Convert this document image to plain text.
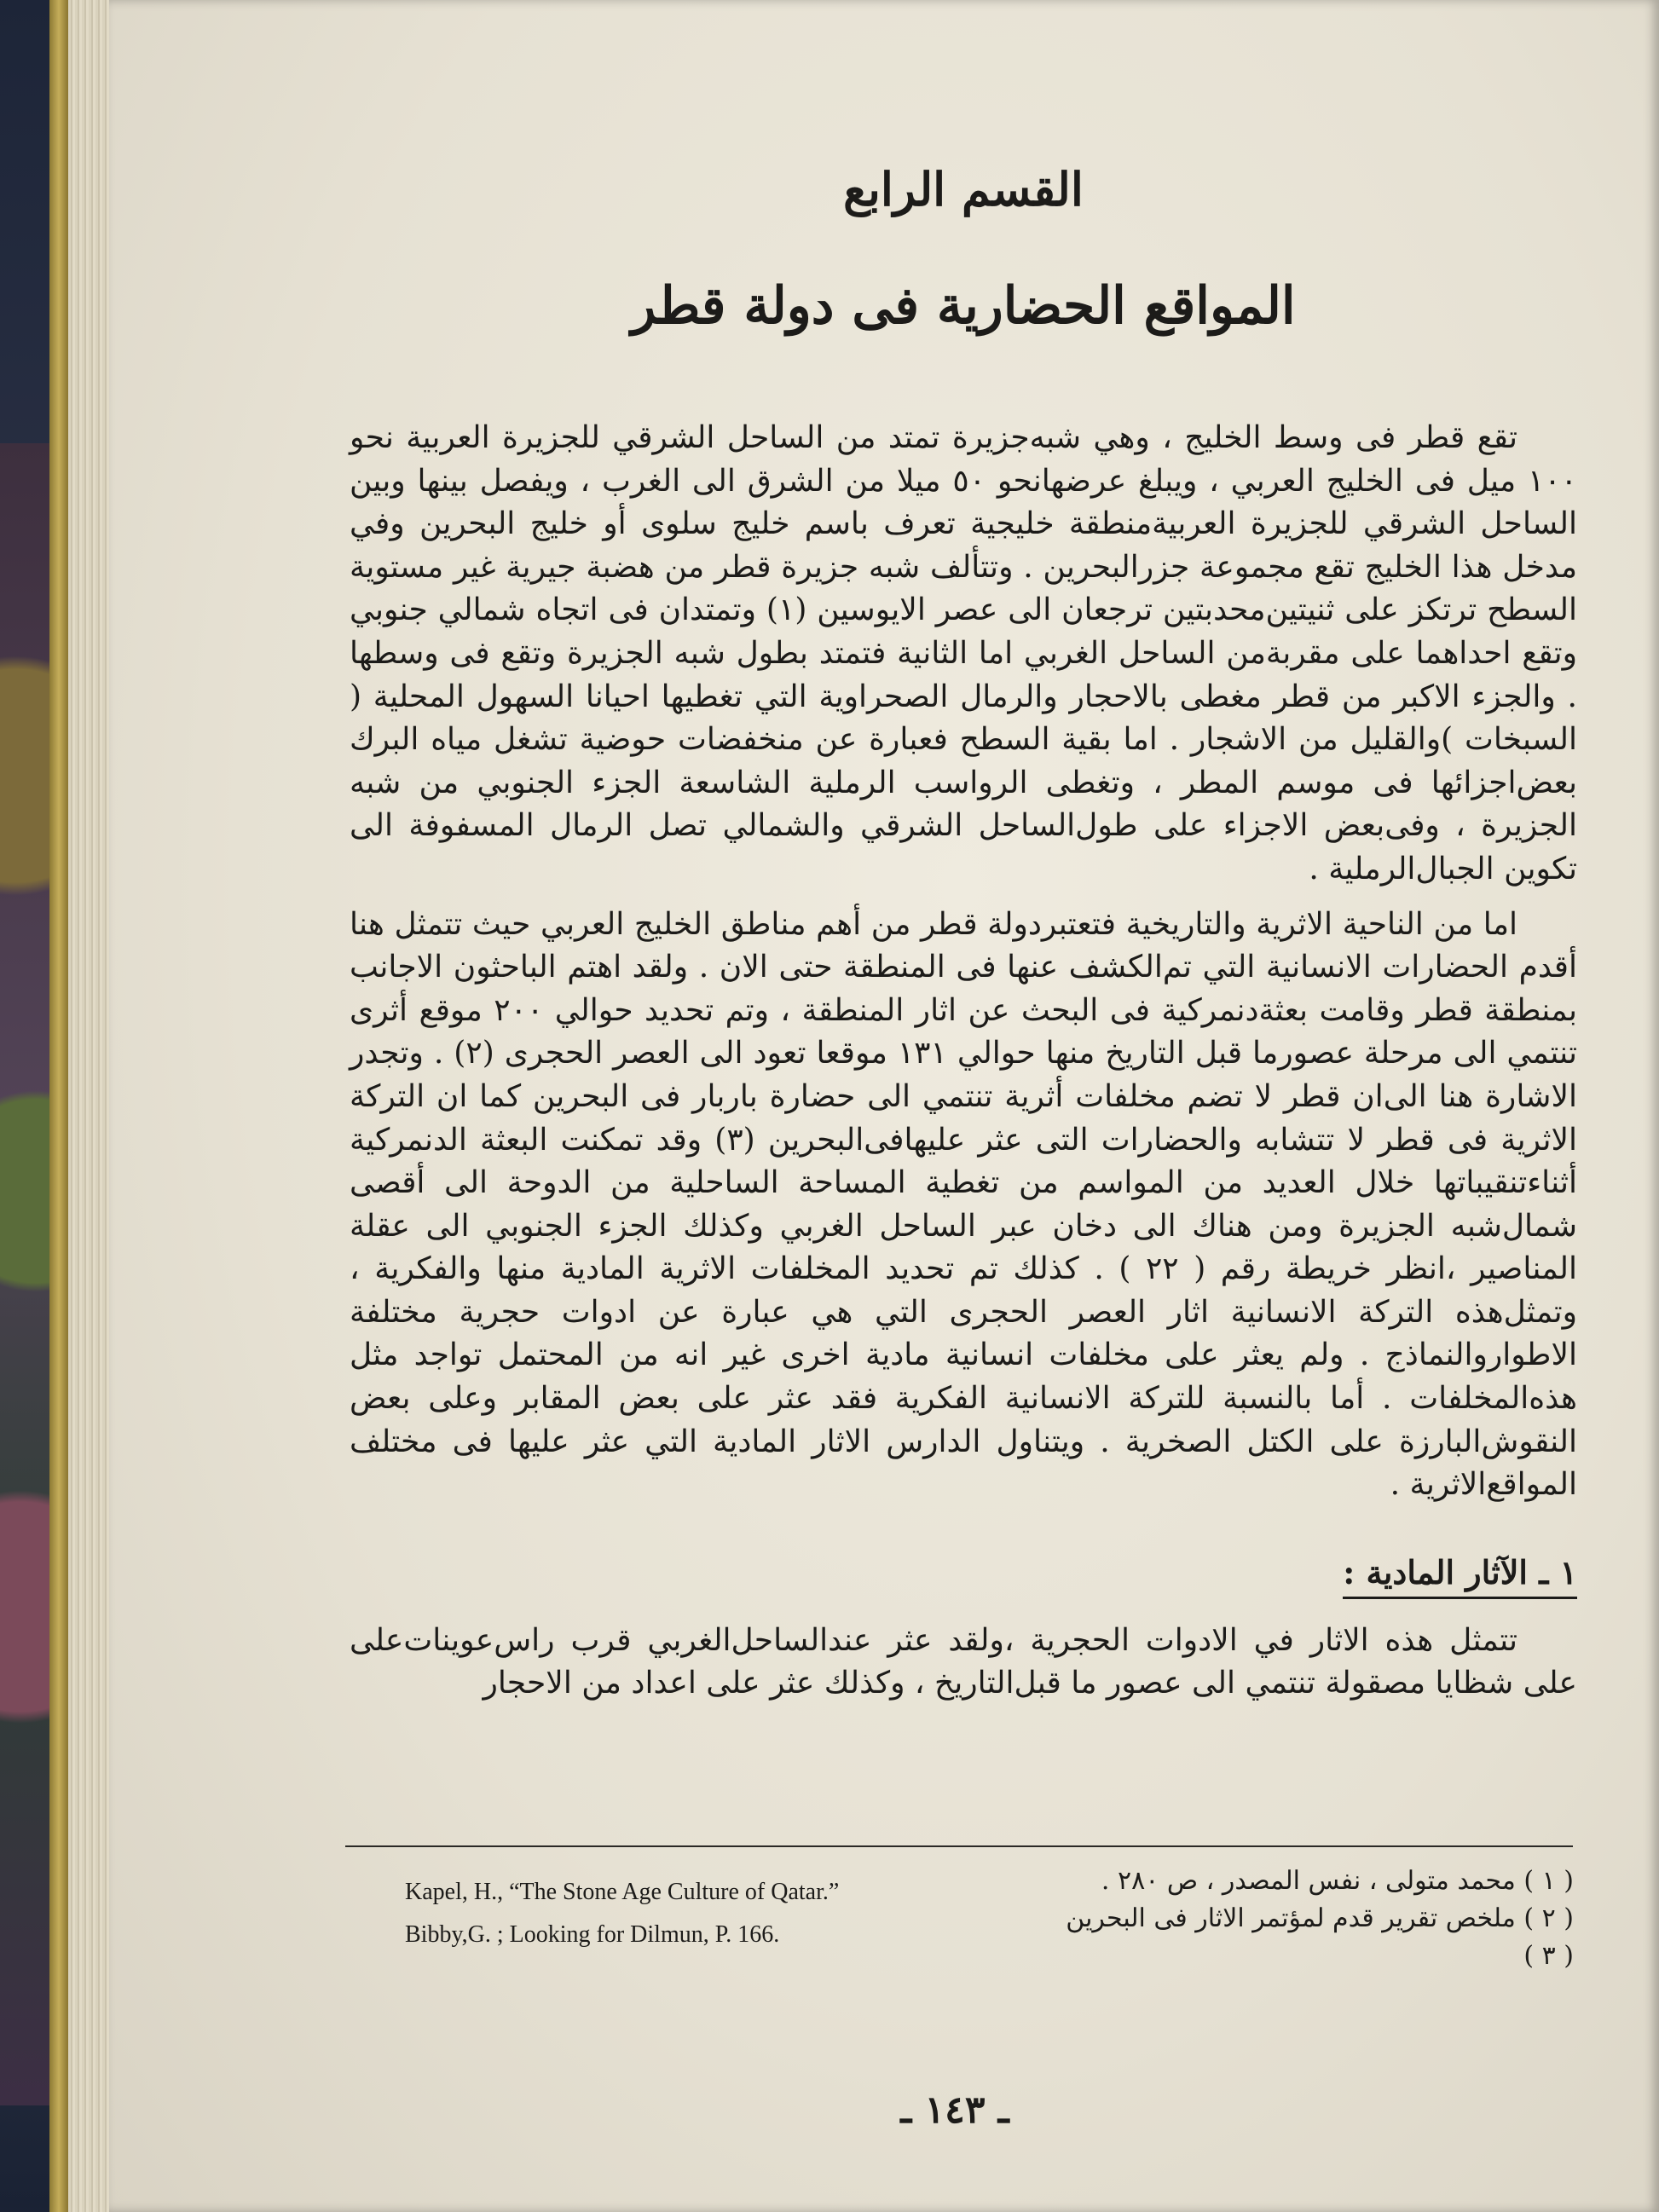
القسم الرابع
المواقع الحضارية فى دولة قطر

تقع قطر فى وسط الخليج ، وهي شبه‌جزيرة تمتد من الساحل الشرقي للجزيرة العربية نحو ١٠٠ ميل فى الخليج العربي ، ويبلغ عرضهانحو ٥٠ ميلا من الشرق الى الغرب ، ويفصل بينها وبين الساحل الشرقي للجزيرة العربيةمنطقة خليجية تعرف باسم خليج سلوى أو خليج البحرين وفي مدخل هذا الخليج تقع مجموعة جزرالبحرين . وتتألف شبه جزيرة قطر من هضبة جيرية غير مستوية السطح ترتكز على ثنيتين‌محدبتين ترجعان الى عصر الايوسين (١) وتمتدان فى اتجاه شمالي جنوبي وتقع احداهما على مقربةمن الساحل الغربي اما الثانية فتمتد بطول شبه الجزيرة وتقع فى وسطها . والجزء الاكبر من قطر مغطى بالاحجار والرمال الصحراوية التي تغطيها احيانا السهول المحلية ( السبخات )والقليل من الاشجار . اما بقية السطح فعبارة عن منخفضات حوضية تشغل مياه البرك بعض‌اجزائها فى موسم المطر ، وتغطى الرواسب الرملية الشاسعة الجزء الجنوبي من شبه الجزيرة ، وفى‌بعض الاجزاء على طول‌الساحل الشرقي والشمالي تصل الرمال المسفوفة الى تكوين الجبال‌الرملية .

اما من الناحية الاثرية والتاريخية فتعتبردولة قطر من أهم مناطق الخليج العربي حيث تتمثل هنا أقدم الحضارات الانسانية التي تم‌الكشف عنها فى المنطقة حتى الان . ولقد اهتم الباحثون الاجانب بمنطقة قطر وقامت بعثةدنمركية فى البحث عن اثار المنطقة ، وتم تحديد حوالي ٢٠٠ موقع أثرى تنتمي الى مرحلة عصورما قبل التاريخ منها حوالي ١٣١ موقعا تعود الى العصر الحجرى (٢) . وتجدر الاشارة هنا الى‌ان قطر لا تضم مخلفات أثرية تنتمي الى حضارة باربار فى البحرين كما ان التركة الاثرية فى قطر لا تتشابه والحضارات التى عثر عليهافى‌البحرين (٣) وقد تمكنت البعثة الدنمركية أثناءتنقيباتها خلال العديد من المواسم من تغطية المساحة الساحلية من الدوحة الى أقصى شمال‌شبه الجزيرة ومن هناك الى دخان عبر الساحل الغربي وكذلك الجزء الجنوبي الى عقلة المناصير ،انظر خريطة رقم ( ٢٢ ) . كذلك تم تحديد المخلفات الاثرية المادية منها والفكرية ، وتمثل‌هذه التركة الانسانية اثار العصر الحجرى التي هي عبارة عن ادوات حجرية مختلفة الاطوار‌والنماذج . ولم يعثر على مخلفات انسانية مادية اخرى غير انه من المحتمل تواجد مثل هذه‌المخلفات . أما بالنسبة للتركة الانسانية الفكرية فقد عثر على بعض المقابر وعلى بعض النقوش‌البارزة على الكتل الصخرية . ويتناول الدارس الاثار المادية التي عثر عليها فى مختلف المواقع‌الاثرية .

١ ـ الآثار المادية :

تتمثل هذه الاثار في الادوات الحجرية ،ولقد عثر عندالساحل‌الغربي قرب راس‌عوينات‌على على شظايا مصقولة تنتمي الى عصور ما قبل‌التاريخ ، وكذلك عثر على اعداد من الاحجار

( ١ ) محمد متولى ، نفس المصدر ، ص ٢٨٠ .

( ٢ ) ملخص تقرير قدم لمؤتمر الاثار فى البحرين

( ٣ )

Kapel, H., “The Stone Age Culture of Qatar.”

Bibby,G. ; Looking for Dilmun, P. 166.

ـ ١٤٣ ـ
